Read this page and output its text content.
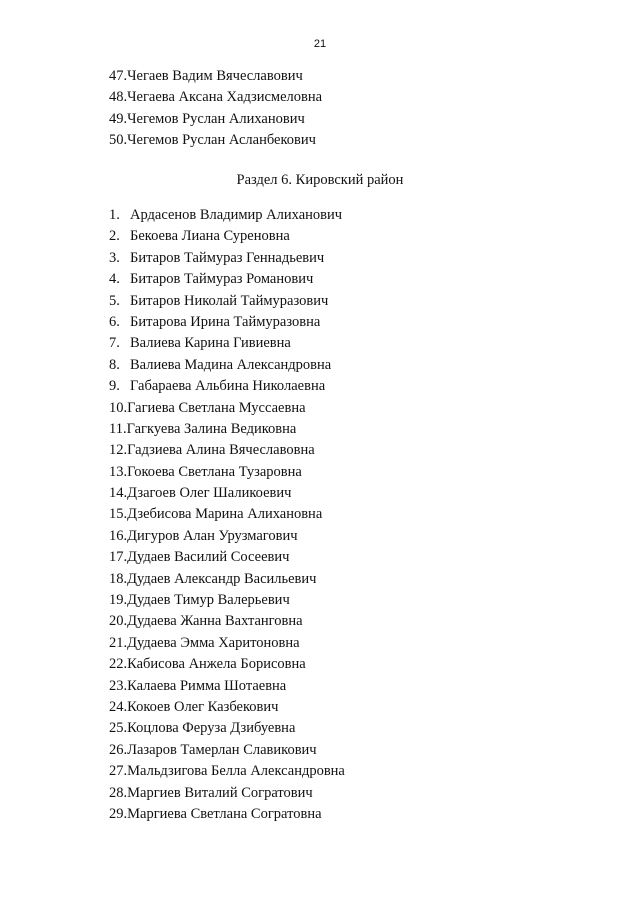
21
47.Чегаев Вадим Вячеславович
48.Чегаева Аксана Хадзисмеловна
49.Чегемов Руслан Алиханович
50.Чегемов Руслан Асланбекович
Раздел 6. Кировский район
1. Ардасенов Владимир Алиханович
2. Бекоева Лиана Суреновна
3. Битаров Таймураз Геннадьевич
4. Битаров Таймураз Романович
5. Битаров Николай Таймуразович
6. Битарова Ирина Таймуразовна
7. Валиева Карина Гивиевна
8. Валиева Мадина Александровна
9. Габараева Альбина Николаевна
10.Гагиева Светлана Муссаевна
11.Гагкуева Залина Ведиковна
12.Гадзиева Алина Вячеславовна
13.Гокоева Светлана Тузаровна
14.Дзагоев Олег Шаликоевич
15.Дзебисова Марина Алихановна
16.Дигуров Алан Урузмагович
17.Дудаев Василий Сосеевич
18.Дудаев Александр Васильевич
19.Дудаев Тимур Валерьевич
20.Дудаева Жанна Вахтанговна
21.Дудаева Эмма Харитоновна
22.Кабисова Анжела Борисовна
23.Калаева Римма Шотаевна
24.Кокоев Олег Казбекович
25.Коцлова Феруза Дзибуевна
26.Лазаров Тамерлан Славикович
27.Мальдзигова Белла Александровна
28.Маргиев Виталий Согратович
29.Маргиева Светлана Согратовна
